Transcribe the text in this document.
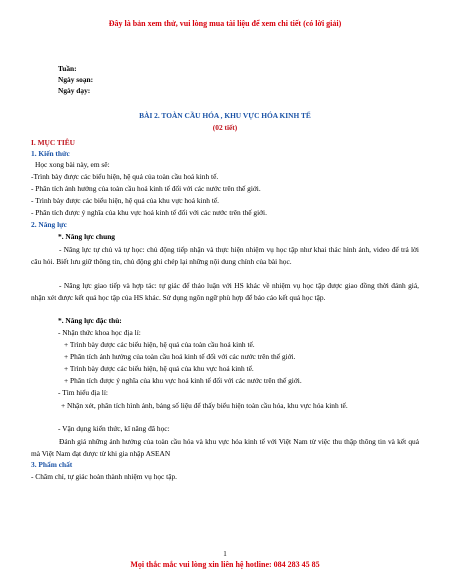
Đây là bản xem thử, vui lòng mua tài liệu để xem chi tiết (có lời giải)
Tuần:
Ngày soạn:
Ngày dạy:
BÀI 2. TOÀN CẦU HÓA , KHU VỰC HÓA KINH TẾ
(02 tiết)
I. MỤC TIÊU
1. Kiến thức
Học xong bài này, em sẽ:
-Trình bày được các biểu hiện, hệ quả của toàn cầu hoá kinh tế.
- Phân tích ảnh hưởng của toàn cầu hoá kinh tế đối với các nước trên thế giới.
- Trình bày được các biểu hiện, hệ quả của khu vực hoá kinh tế.
- Phân tích được ý nghĩa của khu vực hoá kinh tế đối với các nước trên thế giới.
2. Năng lực
*. Năng lực chung
- Năng lực tự chủ và tự học: chủ động tiếp nhận và thực hiện nhiệm vụ học tập như khai thác hình ảnh, video để trả lời câu hỏi. Biết lưu giữ thông tin, chủ động ghi chép lại những nội dung chính của bài học.
- Năng lực giao tiếp và hợp tác: tự giác để thảo luận với HS khác về nhiệm vụ học tập được giao đồng thời đánh giá, nhận xét được kết quả học tập của HS khác. Sử dụng ngôn ngữ phù hợp để báo cáo kết quả học tập.
*. Năng lực đặc thù:
- Nhận thức khoa học địa lí:
+ Trình bày được các biểu hiện, hệ quả của toàn cầu hoá kinh tế.
+ Phân tích ảnh hưởng của toàn cầu hoá kinh tế đối với các nước trên thế giới.
+ Trình bày được các biểu hiện, hệ quả của khu vực hoá kinh tế.
+ Phân tích được ý nghĩa của khu vực hoá kinh tế đối với các nước trên thế giới.
- Tìm hiểu địa lí:
+ Nhận xét, phân tích hình ảnh, bảng số liệu để thấy biểu hiện toàn cầu hóa, khu vực hóa kinh tế.
- Vận dụng kiến thức, kĩ năng đã học:
Đánh giá những ảnh hưởng của toàn cầu hóa và khu vực hóa kinh tế với Việt Nam từ việc thu thập thông tin và kết quả mà Việt Nam đạt được từ khi gia nhập ASEAN
3. Phẩm chất
- Chăm chỉ, tự giác hoàn thành nhiệm vụ học tập.
1
Mọi thắc mắc vui lòng xin liên hệ hotline: 084 283 45 85
